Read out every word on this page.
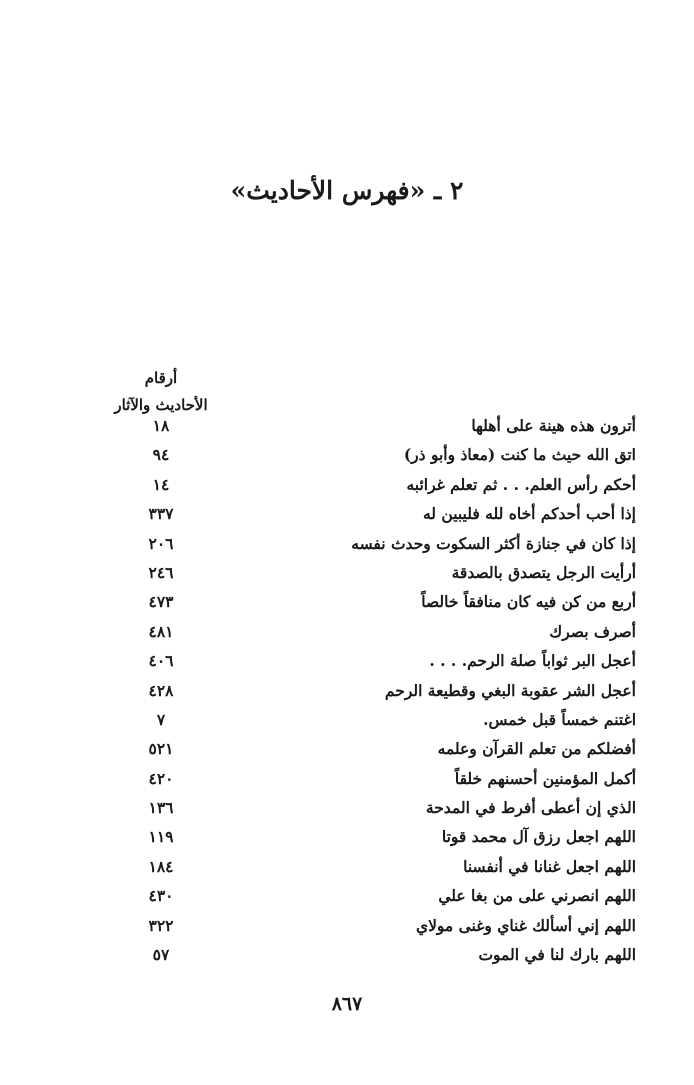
٢ ـ «فهرس الأحاديث»
أرقام
الأحاديث والآثار
أترون هذه هينة على أهلها
١٨
اتق الله حيث ما كنت (معاذ وأبو ذر)
٩٤
أحكم رأس العلم. . . ثم تعلم غرائبه
١٤
إذا أحب أحدكم أخاه لله فليبين له
٣٣٧
إذا كان في جنازة أكثر السكوت وحدث نفسه
٢٠٦
أرأيت الرجل يتصدق بالصدقة
٢٤٦
أربع من كن فيه كان منافقاً خالصاً
٤٧٣
أصرف بصرك
٤٨١
أعجل البر ثواباً صلة الرحم. . . .
٤٠٦
أعجل الشر عقوبة البغي وقطيعة الرحم
٤٢٨
اغتنم خمساً قبل خمس.
٧
أفضلكم من تعلم القرآن وعلمه
٥٢١
أكمل المؤمنين أحسنهم خلقاً
٤٢٠
الذي إن أعطى أفرط في المدحة
١٣٦
اللهم اجعل رزق آل محمد قوتا
١١٩
اللهم اجعل غنانا في أنفسنا
١٨٤
اللهم انصرني على من بغا علي
٤٣٠
اللهم إني أسألك غناي وغنى مولاي
٣٢٢
اللهم بارك لنا في الموت
٥٧
٨٦٧
